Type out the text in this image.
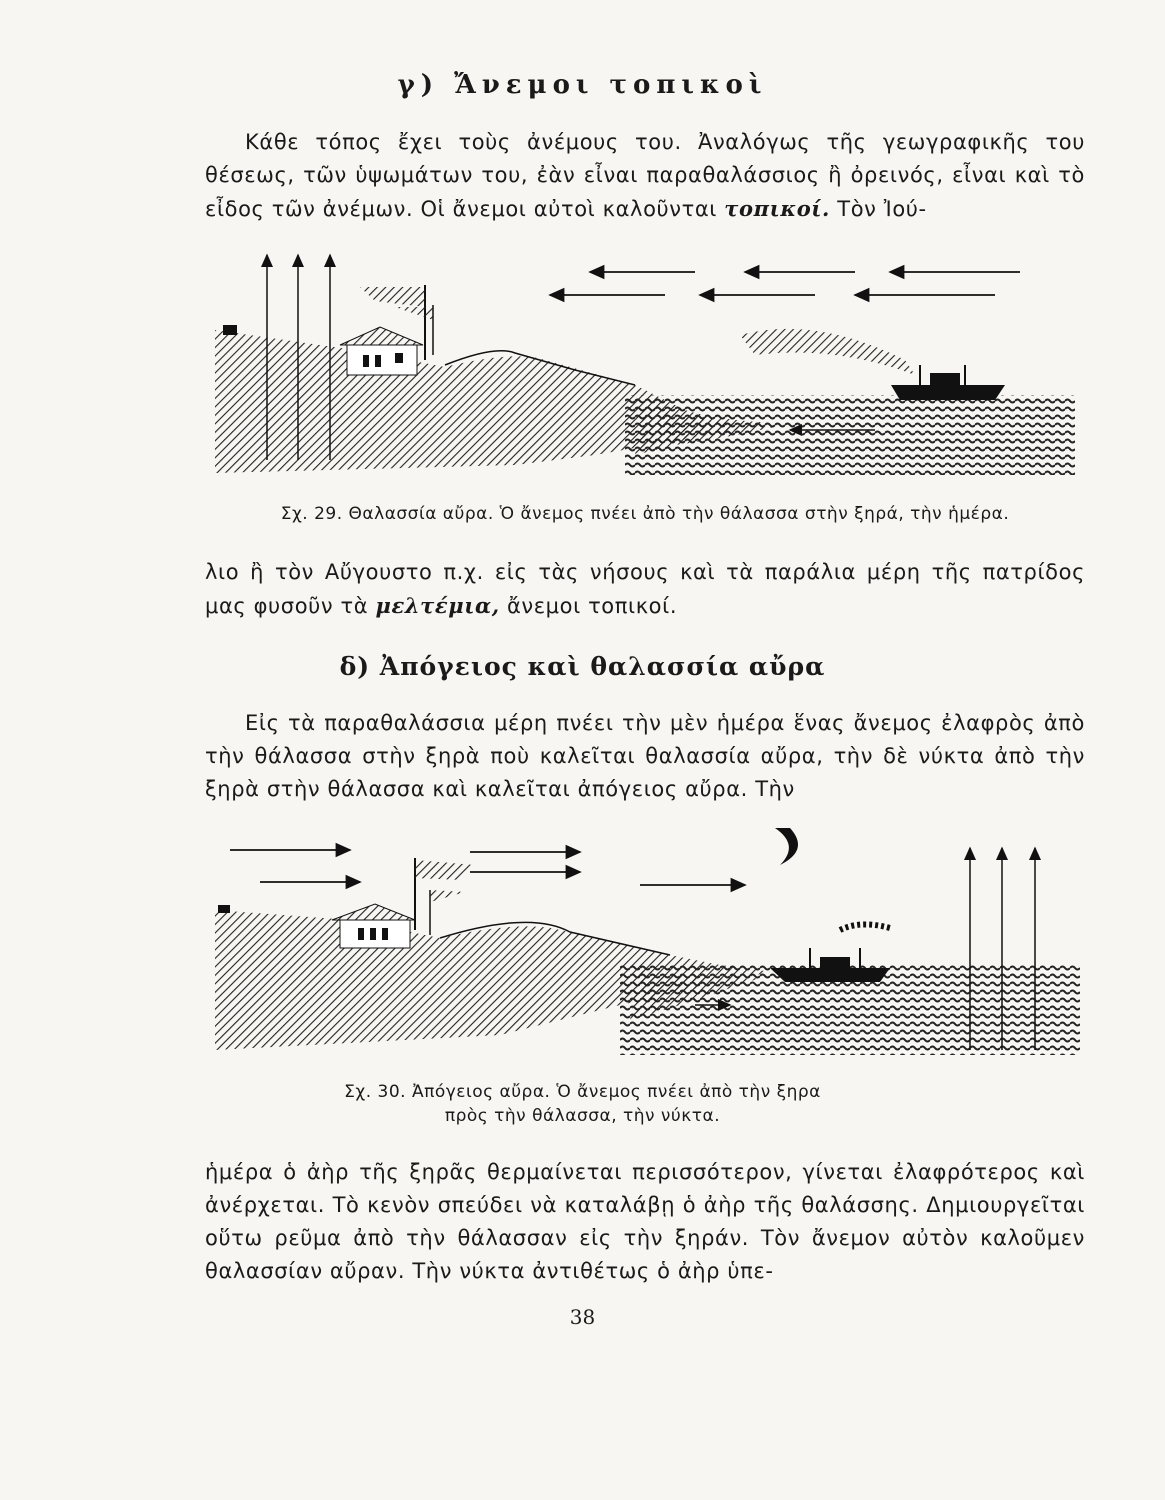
γ) Ἄνεμοι τοπικοὶ
Κάθε τόπος ἔχει τοὺς ἀνέμους του. Ἀναλόγως τῆς γεωγραφικῆς του θέσεως, τῶν ὑψωμάτων του, ἐὰν εἶναι παραθαλάσσιος ἢ ὀρεινός, εἶναι καὶ τὸ εἶδος τῶν ἀνέμων. Οἱ ἄνεμοι αὐτοὶ καλοῦνται τοπικοί. Τὸν Ἰού-
Σχ. 29. Θαλασσία αὔρα. Ὁ ἄνεμος πνέει ἀπὸ τὴν θάλασσα στὴν ξηρά, τὴν ἡμέρα.
λιο ἢ τὸν Αὔγουστο π.χ. εἰς τὰς νήσους καὶ τὰ παράλια μέρη τῆς πατρίδος μας φυσοῦν τὰ μελτέμια, ἄνεμοι τοπικοί.
δ) Ἀπόγειος καὶ θαλασσία αὔρα
Εἰς τὰ παραθαλάσσια μέρη πνέει τὴν μὲν ἡμέρα ἕνας ἄνεμος ἐλαφρὸς ἀπὸ τὴν θάλασσα στὴν ξηρὰ ποὺ καλεῖται θαλασσία αὔρα, τὴν δὲ νύκτα ἀπὸ τὴν ξηρὰ στὴν θάλασσα καὶ καλεῖται ἀπόγειος αὔρα. Τὴν
Σχ. 30. Ἀπόγειος αὔρα. Ὁ ἄνεμος πνέει ἀπὸ τὴν ξηρα
πρὸς τὴν θάλασσα, τὴν νύκτα.
ἡμέρα ὁ ἀὴρ τῆς ξηρᾶς θερμαίνεται περισσότερον, γίνεται ἐλαφρότερος καὶ ἀνέρχεται. Τὸ κενὸν σπεύδει νὰ καταλάβῃ ὁ ἀὴρ τῆς θαλάσσης. Δημιουργεῖται οὕτω ρεῦμα ἀπὸ τὴν θάλασσαν εἰς τὴν ξηράν. Τὸν ἄνεμον αὐτὸν καλοῦμεν θαλασσίαν αὔραν. Τὴν νύκτα ἀντιθέτως ὁ ἀὴρ ὑπε-
38
